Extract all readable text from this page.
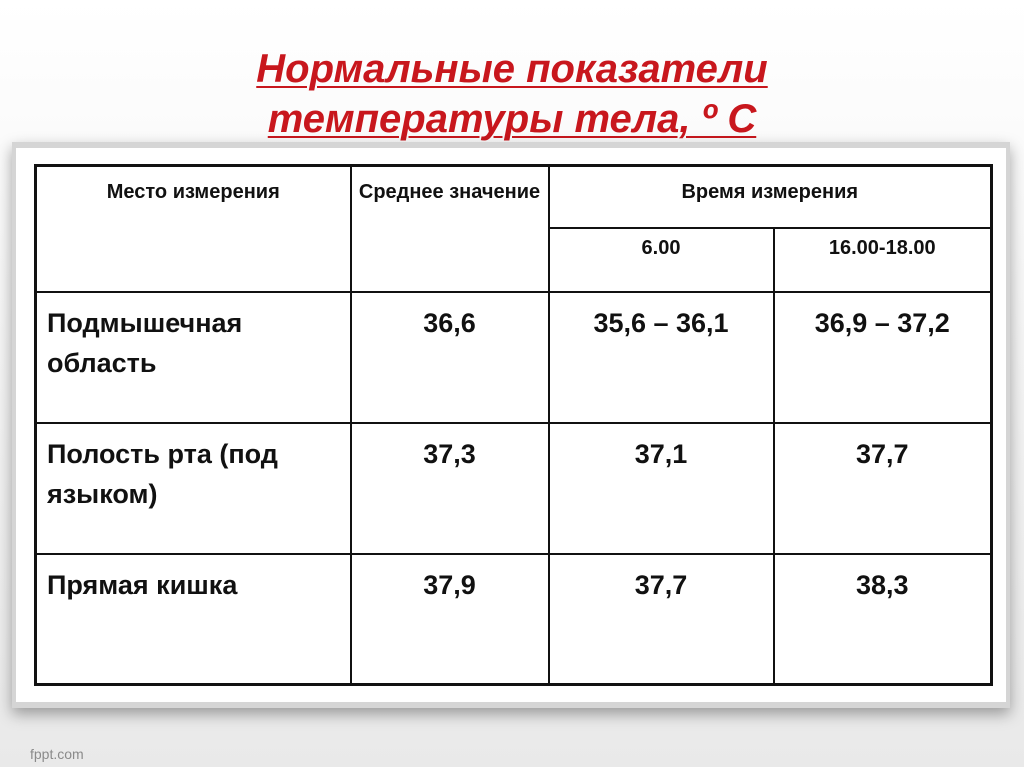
Нормальные показатели
температуры тела, º С
Место измерения	Среднее значение	Время измерения	
		6.00	16.00-18.00
Подмышечная область	36,6	35,6 – 36,1	36,9 – 37,2
Полость рта (под языком)	37,3	37,1	37,7
Прямая кишка	37,9	37,7	38,3
fppt.com
